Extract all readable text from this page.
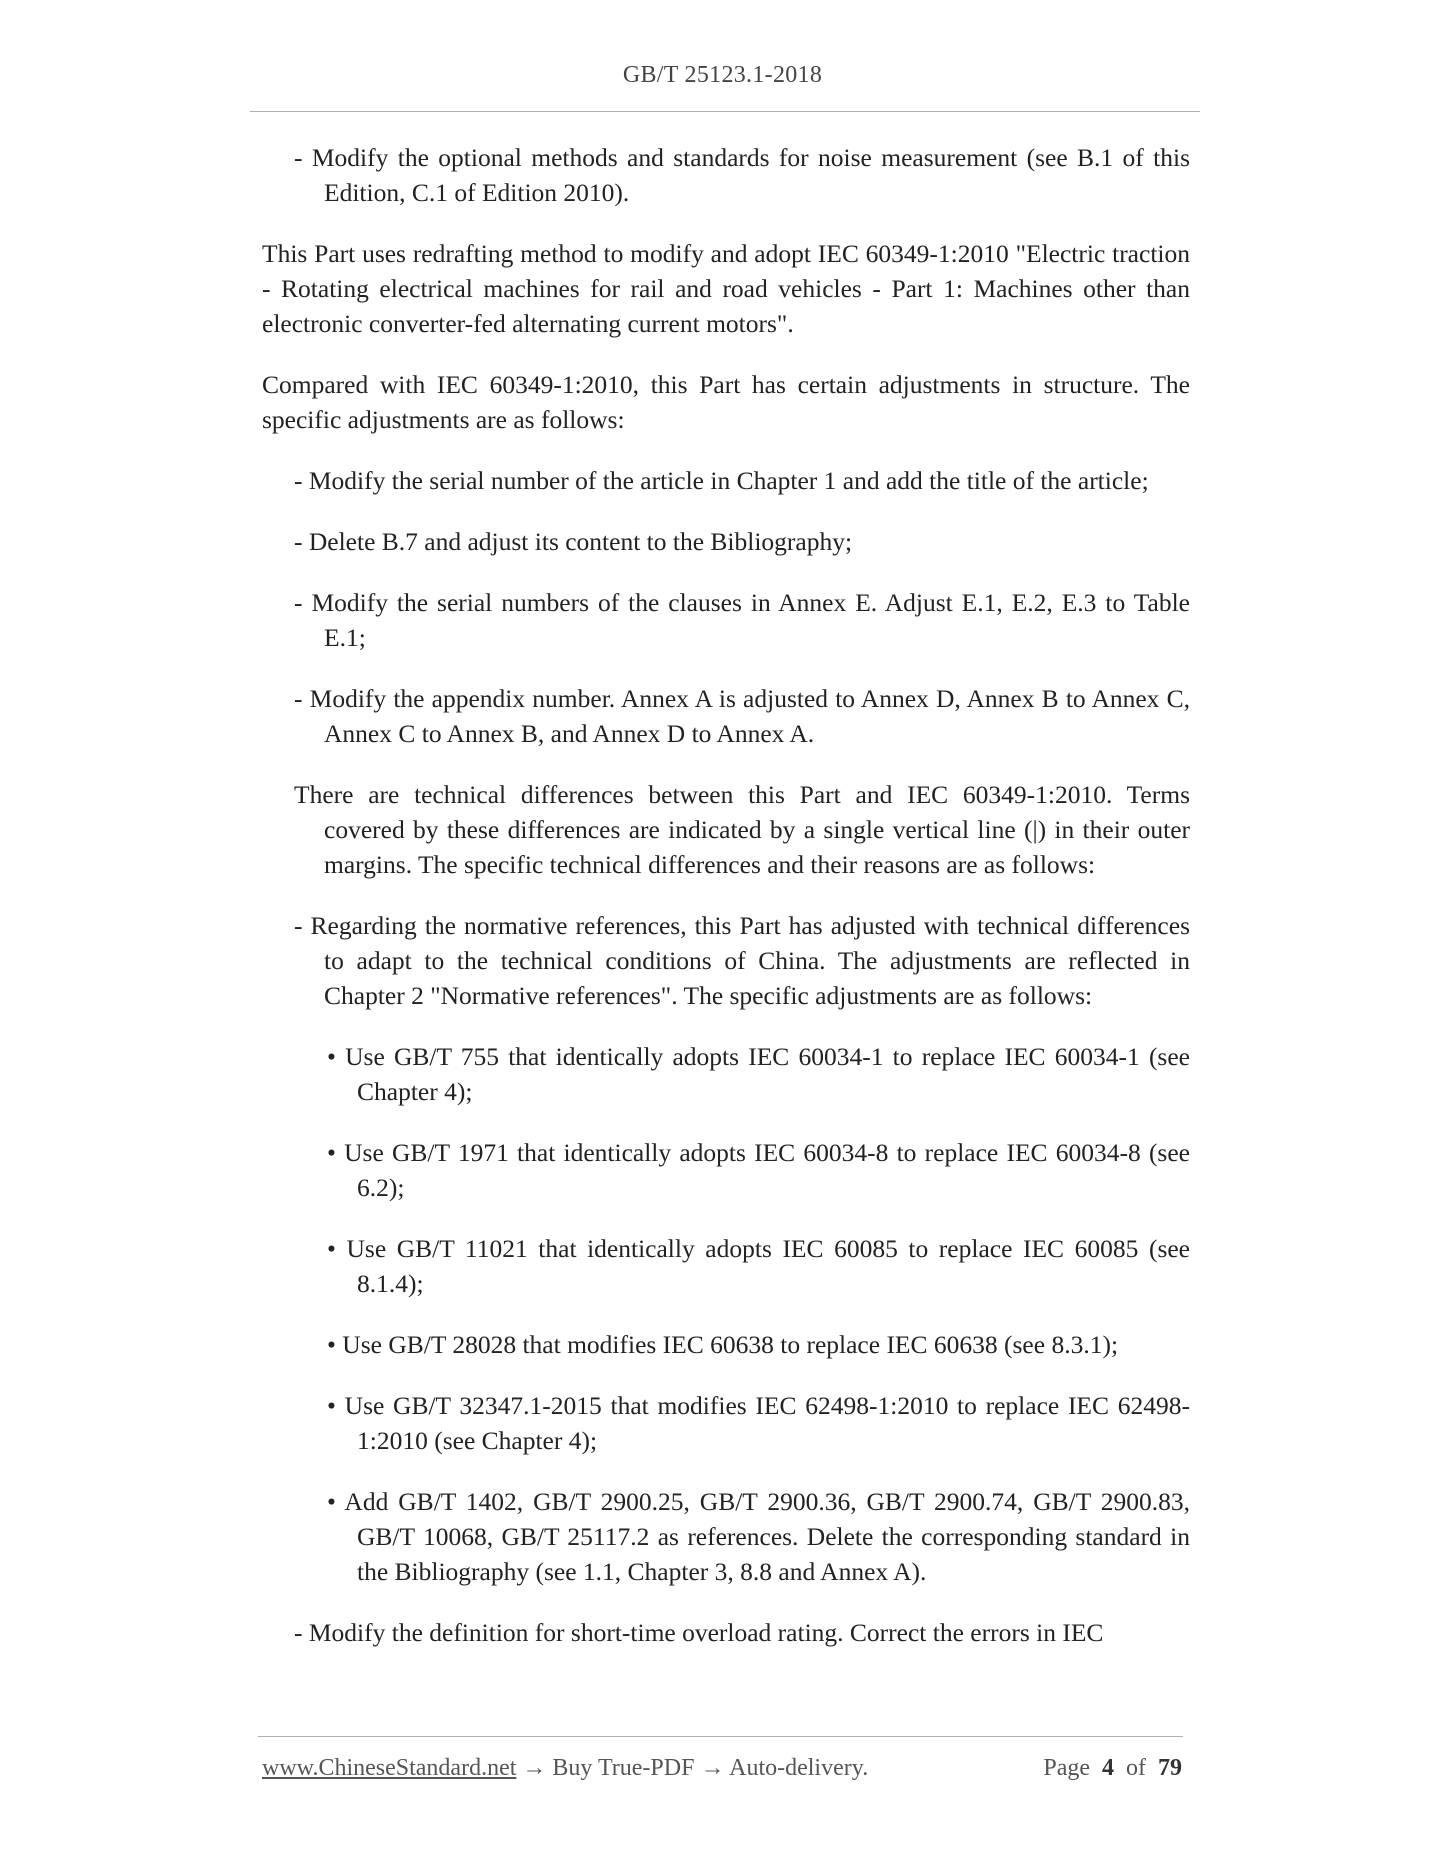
GB/T 25123.1-2018

- Modify the optional methods and standards for noise measurement (see B.1 of this Edition, C.1 of Edition 2010).

This Part uses redrafting method to modify and adopt IEC 60349-1:2010 "Electric traction - Rotating electrical machines for rail and road vehicles - Part 1: Machines other than electronic converter-fed alternating current motors".

Compared with IEC 60349-1:2010, this Part has certain adjustments in structure. The specific adjustments are as follows:

- Modify the serial number of the article in Chapter 1 and add the title of the article;

- Delete B.7 and adjust its content to the Bibliography;

- Modify the serial numbers of the clauses in Annex E. Adjust E.1, E.2, E.3 to Table E.1;

- Modify the appendix number. Annex A is adjusted to Annex D, Annex B to Annex C, Annex C to Annex B, and Annex D to Annex A.

There are technical differences between this Part and IEC 60349-1:2010. Terms covered by these differences are indicated by a single vertical line (|) in their outer margins. The specific technical differences and their reasons are as follows:

- Regarding the normative references, this Part has adjusted with technical differences to adapt to the technical conditions of China. The adjustments are reflected in Chapter 2 "Normative references". The specific adjustments are as follows:

• Use GB/T 755 that identically adopts IEC 60034-1 to replace IEC 60034-1 (see Chapter 4);

• Use GB/T 1971 that identically adopts IEC 60034-8 to replace IEC 60034-8 (see 6.2);

• Use GB/T 11021 that identically adopts IEC 60085 to replace IEC 60085 (see 8.1.4);

• Use GB/T 28028 that modifies IEC 60638 to replace IEC 60638 (see 8.3.1);

• Use GB/T 32347.1-2015 that modifies IEC 62498-1:2010 to replace IEC 62498-1:2010 (see Chapter 4);

• Add GB/T 1402, GB/T 2900.25, GB/T 2900.36, GB/T 2900.74, GB/T 2900.83, GB/T 10068, GB/T 25117.2 as references. Delete the corresponding standard in the Bibliography (see 1.1, Chapter 3, 8.8 and Annex A).

- Modify the definition for short-time overload rating. Correct the errors in IEC

www.ChineseStandard.net → Buy True-PDF → Auto-delivery.	Page 4 of 79
